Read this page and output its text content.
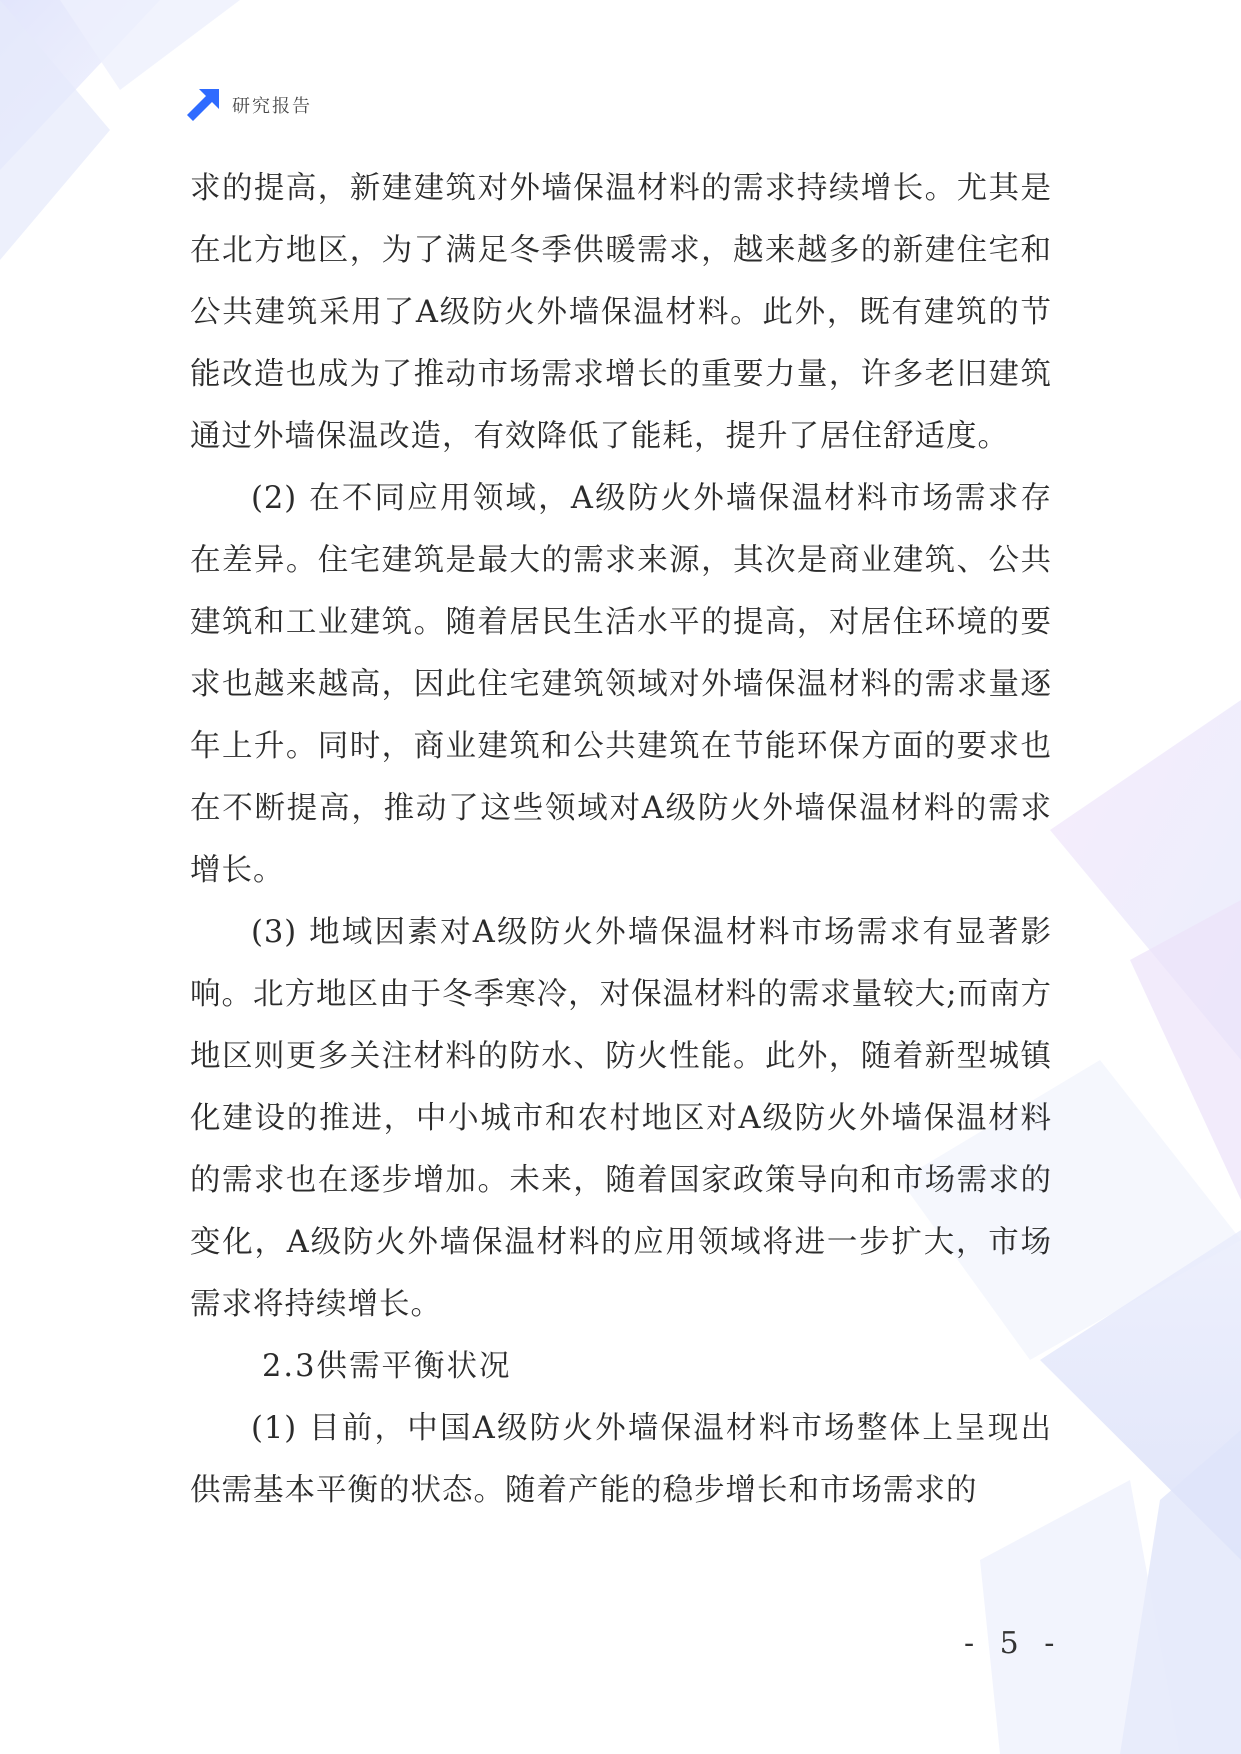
研究报告

求的提高，新建建筑对外墙保温材料的需求持续增长。尤其是在北方地区，为了满足冬季供暖需求，越来越多的新建住宅和公共建筑采用了A级防火外墙保温材料。此外，既有建筑的节能改造也成为了推动市场需求增长的重要力量，许多老旧建筑通过外墙保温改造，有效降低了能耗，提升了居住舒适度。

(2) 在不同应用领域，A级防火外墙保温材料市场需求存在差异。住宅建筑是最大的需求来源，其次是商业建筑、公共建筑和工业建筑。随着居民生活水平的提高，对居住环境的要求也越来越高，因此住宅建筑领域对外墙保温材料的需求量逐年上升。同时，商业建筑和公共建筑在节能环保方面的要求也在不断提高，推动了这些领域对A级防火外墙保温材料的需求增长。

(3) 地域因素对A级防火外墙保温材料市场需求有显著影响。北方地区由于冬季寒冷，对保温材料的需求量较大;而南方地区则更多关注材料的防水、防火性能。此外，随着新型城镇化建设的推进，中小城市和农村地区对A级防火外墙保温材料的需求也在逐步增加。未来，随着国家政策导向和市场需求的变化，A级防火外墙保温材料的应用领域将进一步扩大，市场需求将持续增长。

2.3供需平衡状况

(1) 目前，中国A级防火外墙保温材料市场整体上呈现出供需基本平衡的状态。随着产能的稳步增长和市场需求的

- 5 -
